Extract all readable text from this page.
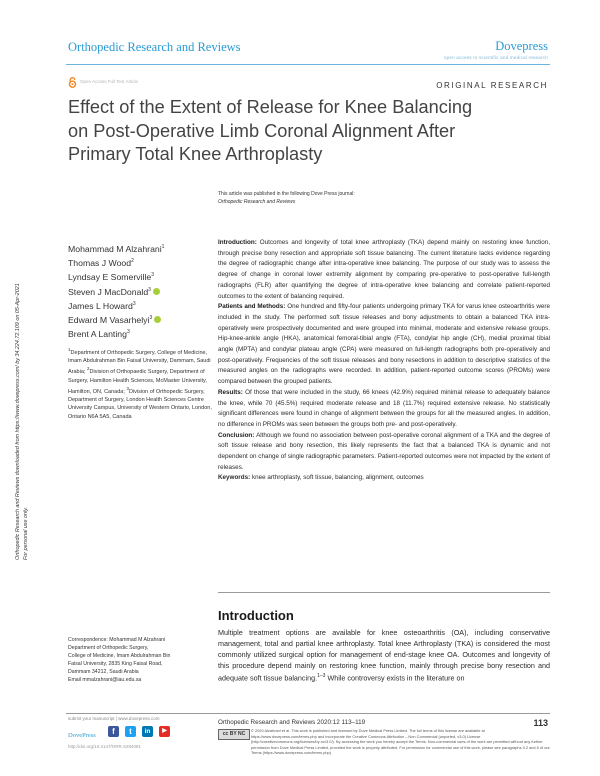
Orthopedic Research and Reviews	Dovepress
open access to scientific and medical research
Open Access Full Text Article	ORIGINAL RESEARCH
Orthopedic Research and Reviews downloaded from https://www.dovepress.com/ by 34.224.72.109 on 05-Apr-2021 For personal use only.
Effect of the Extent of Release for Knee Balancing
on Post-Operative Limb Coronal Alignment After
Primary Total Knee Arthroplasty
This article was published in the following Dove Press journal:
Orthopedic Research and Reviews
Mohammad M Alzahrani$^1$
Thomas J Wood$^2$
Lyndsay E Somerville$^3$
Steven J MacDonald$^3$
James L Howard$^3$
Edward M Vasarhelyi$^3$
Brent A Lanting$^3$
$^1$Department of Orthopedic Surgery, College of Medicine, Imam Abdulrahman Bin Faisal University, Dammam, Saudi Arabia; $^2$Division of Orthopaedic Surgery, Department of Surgery, Hamilton Health Sciences, McMaster University, Hamilton, ON, Canada; $^3$Division of Orthopedic Surgery, Department of Surgery, London Health Sciences Centre University Campus, University of Western Ontario, London, Ontario N6A 5A5, Canada
Introduction: Outcomes and longevity of total knee arthroplasty (TKA) depend mainly on restoring knee function, through precise bony resection and appropriate soft tissue balancing. The current literature lacks evidence regarding the degree of radiographic change after intra-operative knee balancing. The purpose of our study was to assess the degree of change in coronal lower extremity alignment by comparing pre-operative to post-operative full-length radiographs (FLR) after quantifying the degree of intra-operative knee balancing and correlate patient-reported outcomes to the extent of balancing required.
Patients and Methods: One hundred and fifty-four patients undergoing primary TKA for varus knee osteoarthritis were included in the study. The performed soft tissue releases and bony adjustments to obtain a balanced TKA intra-operatively were prospectively documented and were grouped into minimal, moderate and extensive release groups. Hip-knee-ankle angle (HKA), anatomical femoral-tibial angle (FTA), condylar hip angle (CH), medial proximal tibial angle (MPTA) and condylar plateau angle (CPA) were measured on full-length radiographs both pre-operatively and post-operatively. Frequencies of the soft tissue releases and bony resections in addition to descriptive statistics of the measured angles on the radiographs were recorded. In addition, patient-reported outcome scores (PROMs) were compared between the grouped patients.
Results: Of those that were included in the study, 66 knees (42.9%) required minimal release to adequately balance the knee, while 70 (45.5%) required moderate release and 18 (11.7%) required extensive release. No statistically significant differences were found in change of alignment between the groups for all the measured angles. In addition, no difference in PROMs was seen between the groups both pre- and post-operatively.
Conclusion: Although we found no association between post-operative coronal alignment of a TKA and the degree of soft tissue release and bony resection, this likely represents the fact that a balanced TKA is dynamic and not dependent on change of single radiographic parameters. Patient-reported outcomes were not impacted by the extent of releases.
Keywords: knee arthroplasty, soft tissue, balancing, alignment, outcomes
Introduction
Multiple treatment options are available for knee osteoarthritis (OA), including conservative management, total and partial knee arthroplasty. Total knee Arthroplasty (TKA) is considered the most commonly utilized surgical option for management of end-stage knee OA. Outcomes and longevity of this procedure depend mainly on restoring knee function, mainly through precise bony resection and adequate soft tissue balancing.$^{1-3}$ While controversy exists in the literature on
Correspondence: Mohammad M Alzahrani
Department of Orthopedic Surgery,
College of Medicine, Imam Abdulrahman Bin
Faisal University, 2835 King Faisal Road,
Dammam 34212, Saudi Arabia
Email mmalzahrani@iau.edu.sa
submit your manuscript | www.dovepress.com
DovePress	f	t	in	▶
http://doi.org/10.2147/ORR.S284081
Orthopedic Research and Reviews 2020:12 113–119	113
cc BY NC
© 2020 Alzahrani et al. This work is published and licensed by Dove Medical Press Limited. The full terms of this license are available at https://www.dovepress.com/terms.php and incorporate the Creative Commons Attribution – Non Commercial (unported, v3.0) License (http://creativecommons.org/licenses/by-nc/3.0/). By accessing the work you hereby accept the Terms. Non-commercial uses of the work are permitted without any further permission from Dove Medical Press Limited, provided the work is properly attributed. For permission for commercial use of this work, please see paragraphs 4.2 and 5 of our Terms (https://www.dovepress.com/terms.php).
